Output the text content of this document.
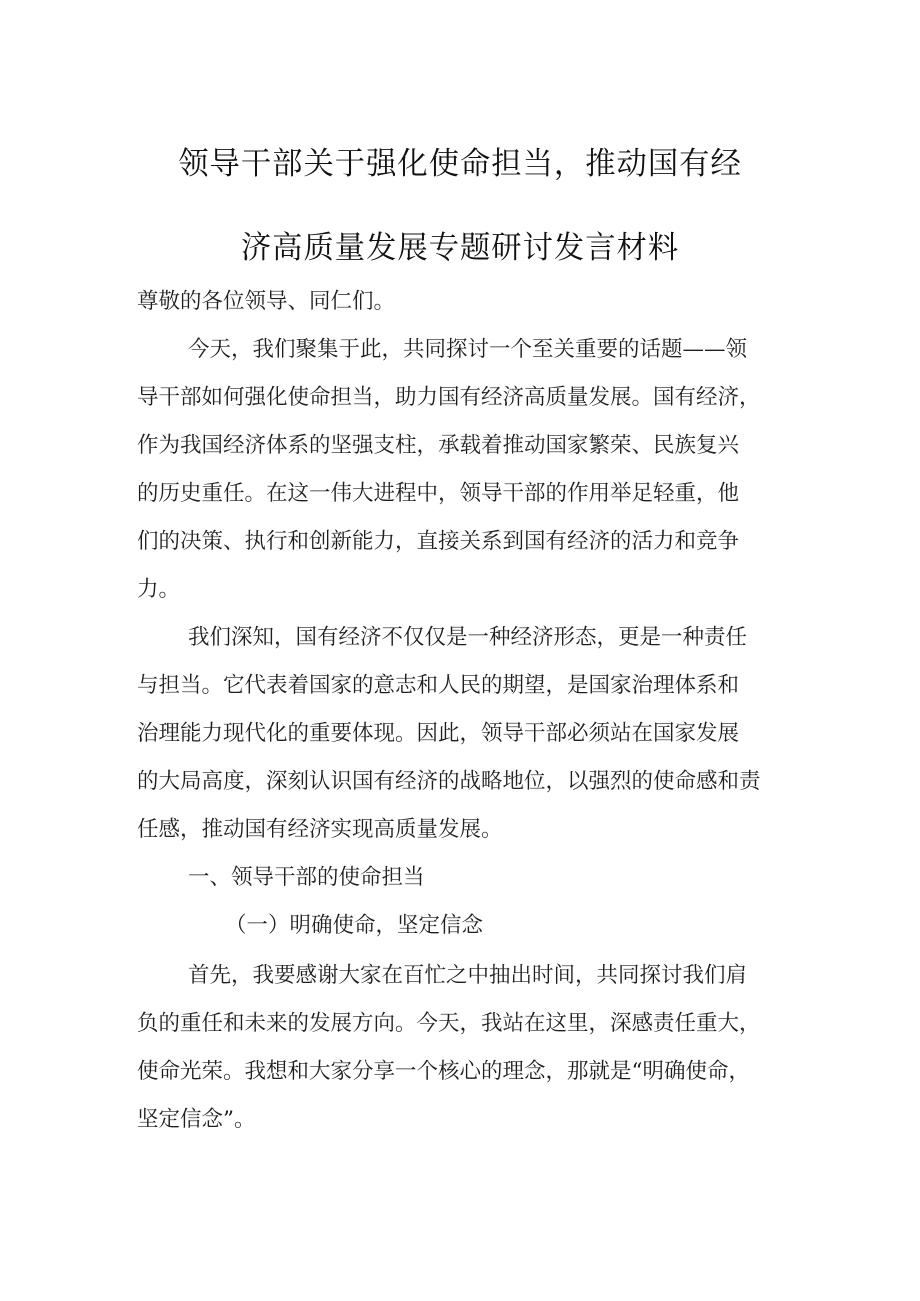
领导干部关于强化使命担当，推动国有经
济高质量发展专题研讨发言材料
尊敬的各位领导、同仁们。
今天，我们聚集于此，共同探讨一个至关重要的话题——领
导干部如何强化使命担当，助力国有经济高质量发展。国有经济，
作为我国经济体系的坚强支柱，承载着推动国家繁荣、民族复兴
的历史重任。在这一伟大进程中，领导干部的作用举足轻重，他
们的决策、执行和创新能力，直接关系到国有经济的活力和竞争
力。
我们深知，国有经济不仅仅是一种经济形态，更是一种责任
与担当。它代表着国家的意志和人民的期望，是国家治理体系和
治理能力现代化的重要体现。因此，领导干部必须站在国家发展
的大局高度，深刻认识国有经济的战略地位，以强烈的使命感和责
任感，推动国有经济实现高质量发展。
一、领导干部的使命担当
（一）明确使命，坚定信念
首先，我要感谢大家在百忙之中抽出时间，共同探讨我们肩
负的重任和未来的发展方向。今天，我站在这里，深感责任重大，
使命光荣。我想和大家分享一个核心的理念，那就是“明确使命，
坚定信念”。
